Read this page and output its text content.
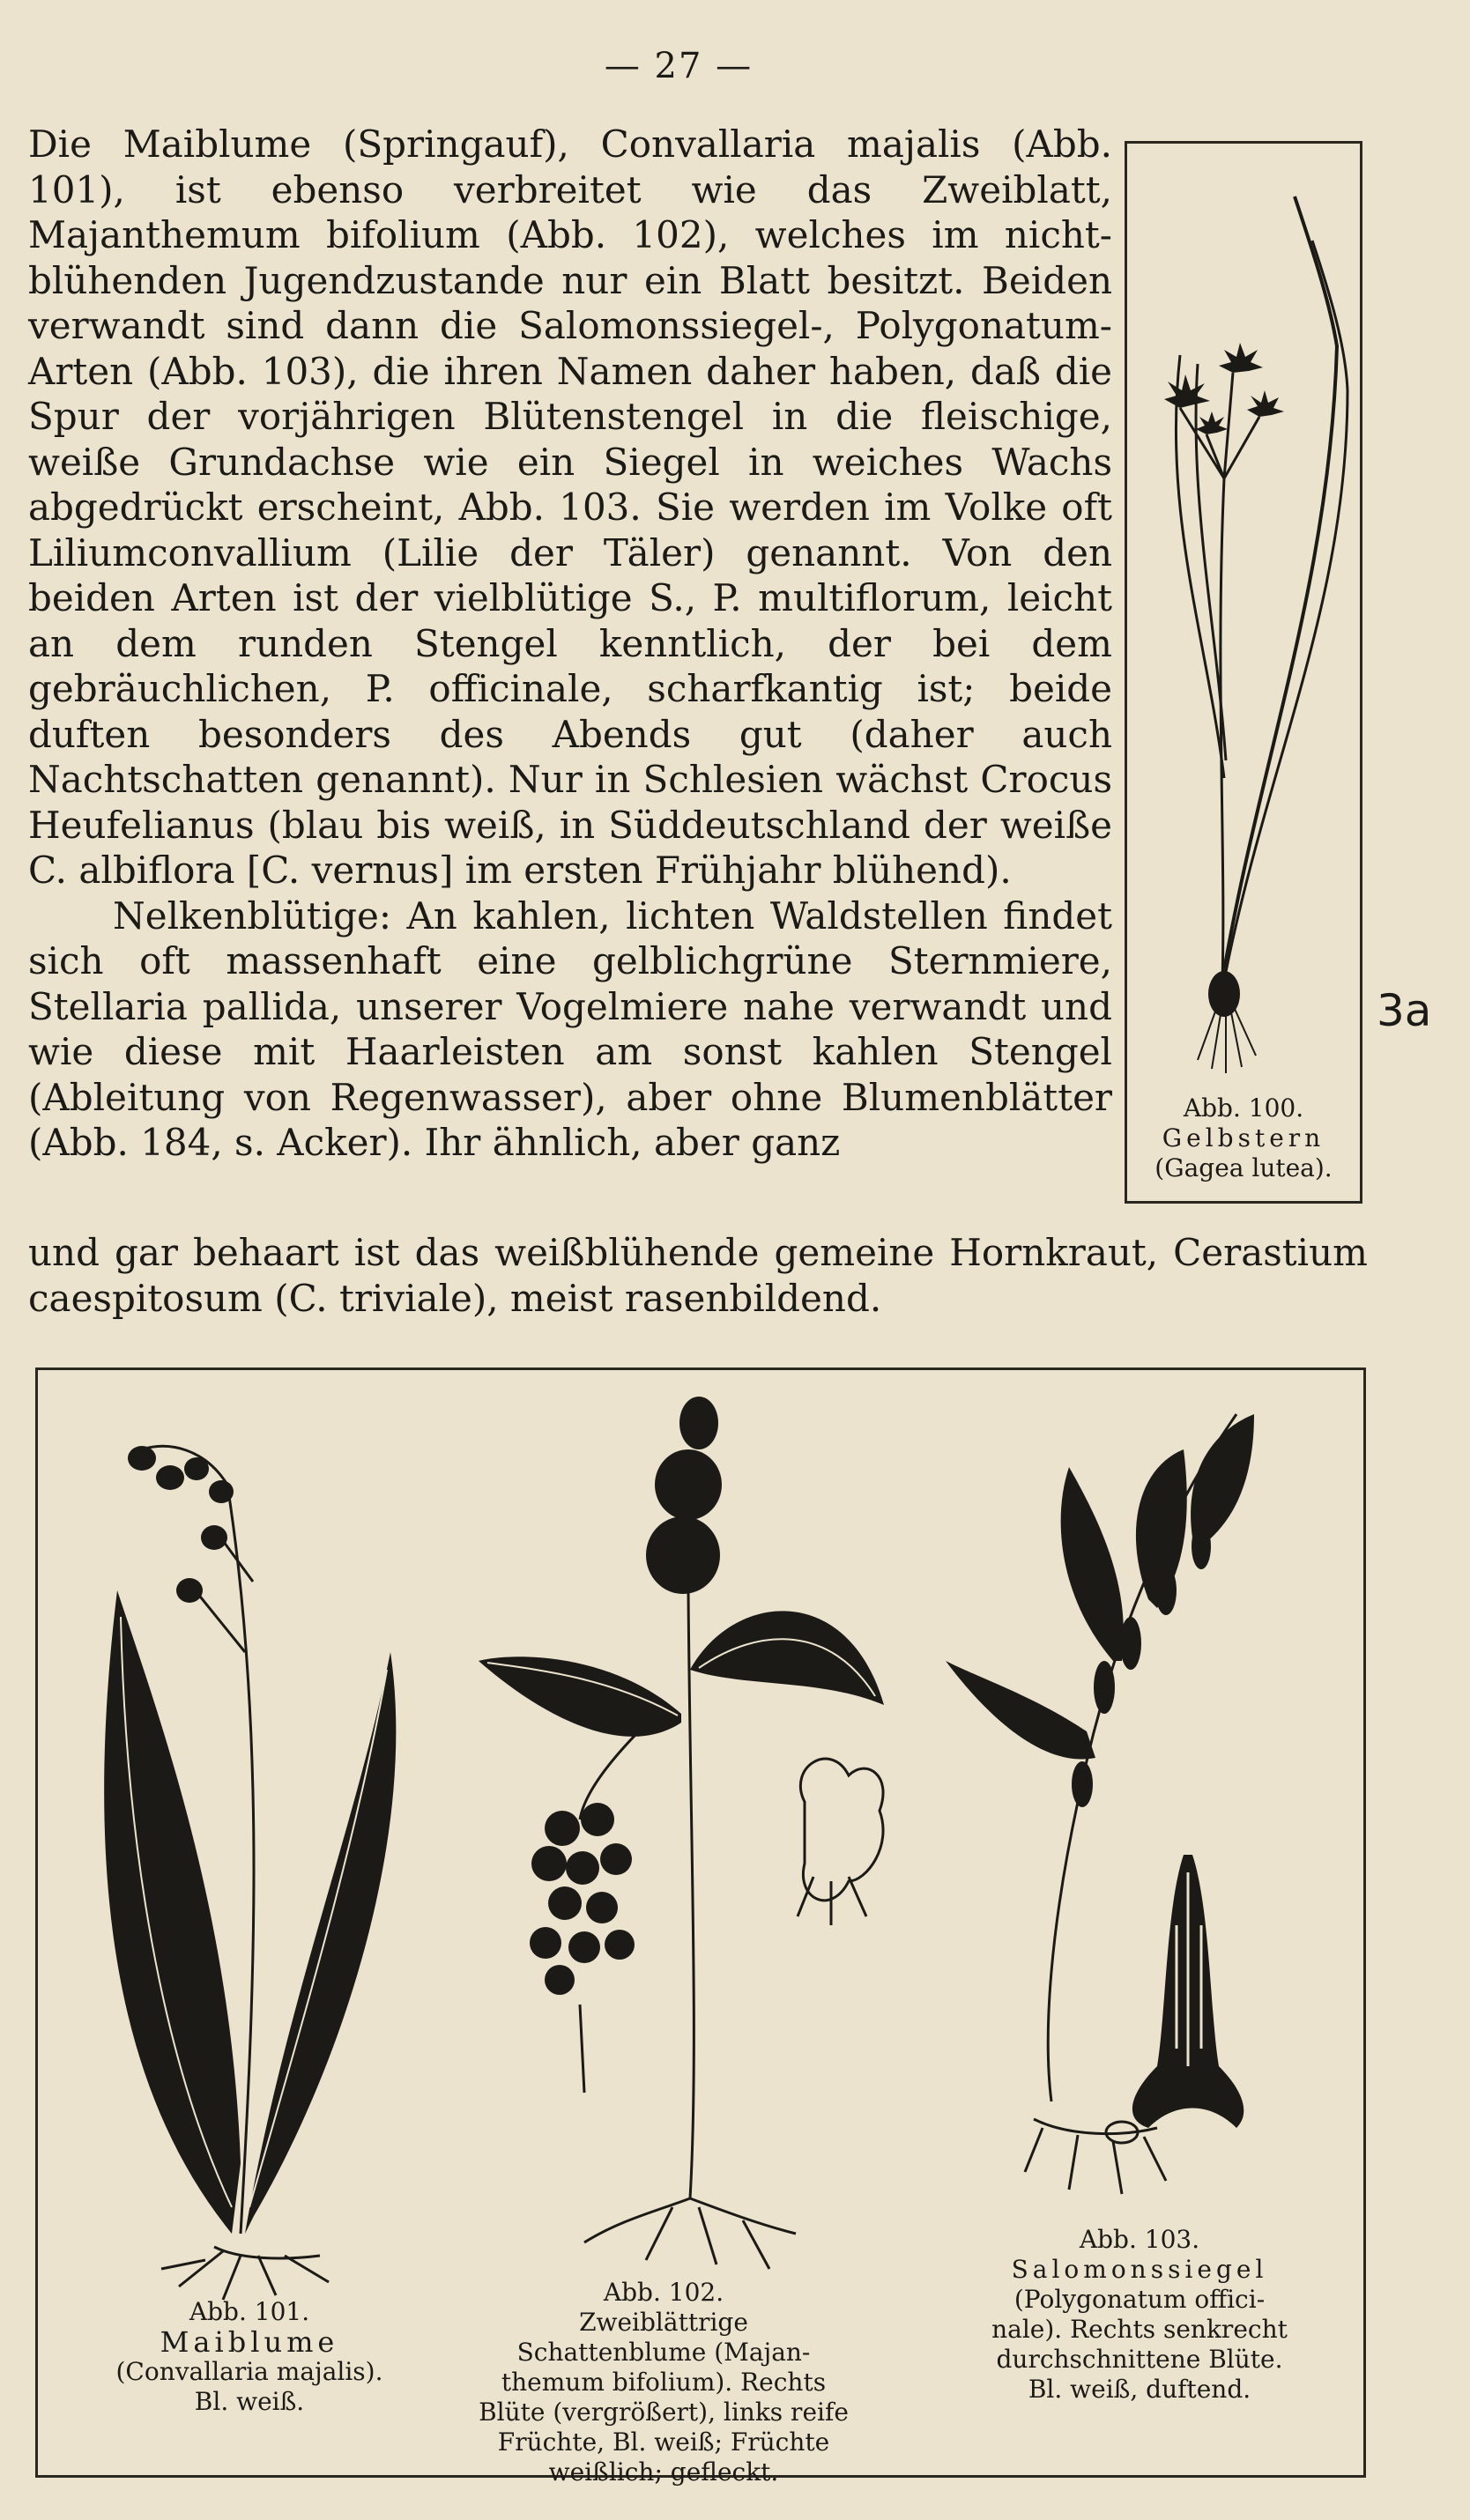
— 27 —

Die Maiblume (Springauf), Convallaria majalis (Abb. 101), ist ebenso verbreitet wie das Zweiblatt, Majanthemum bifolium (Abb. 102), welches im nicht-blühenden Jugendzustande nur ein Blatt besitzt. Beiden verwandt sind dann die Salomonssiegel-, Polygonatum-Arten (Abb. 103), die ihren Namen daher haben, daß die Spur der vorjährigen Blütenstengel in die fleischige, weiße Grundachse wie ein Siegel in weiches Wachs abgedrückt erscheint, Abb. 103. Sie werden im Volke oft Liliumconvallium (Lilie der Täler) genannt. Von den beiden Arten ist der vielblütige S., P. multiflorum, leicht an dem runden Stengel kenntlich, der bei dem gebräuchlichen, P. officinale, scharfkantig ist; beide duften besonders des Abends gut (daher auch Nachtschatten genannt). Nur in Schlesien wächst Crocus Heufelianus (blau bis weiß, in Süddeutschland der weiße C. albiflora [C. vernus] im ersten Frühjahr blühend).

Nelkenblütige: An kahlen, lichten Waldstellen findet sich oft massenhaft eine gelblichgrüne Sternmiere, Stellaria pallida, unserer Vogelmiere nahe verwandt und wie diese mit Haarleisten am sonst kahlen Stengel (Ableitung von Regenwasser), aber ohne Blumenblätter (Abb. 184, s. Acker). Ihr ähnlich, aber ganz

und gar behaart ist das weißblühende gemeine Hornkraut, Cerastium caespitosum (C. triviale), meist rasenbildend.
3a
Abb. 100.
Gelbstern
(Gagea lutea).
Abb. 101.
Maiblume
(Convallaria majalis).
Bl. weiß.
Abb. 102.
Zweiblättrige
Schattenblume (Majan-
themum bifolium). Rechts
Blüte (vergrößert), links reife
Früchte, Bl. weiß; Früchte
weißlich; gefleckt.
Abb. 103.
Salomonssiegel
(Polygonatum offici-
nale). Rechts senkrecht
durchschnittene Blüte.
Bl. weiß, duftend.
